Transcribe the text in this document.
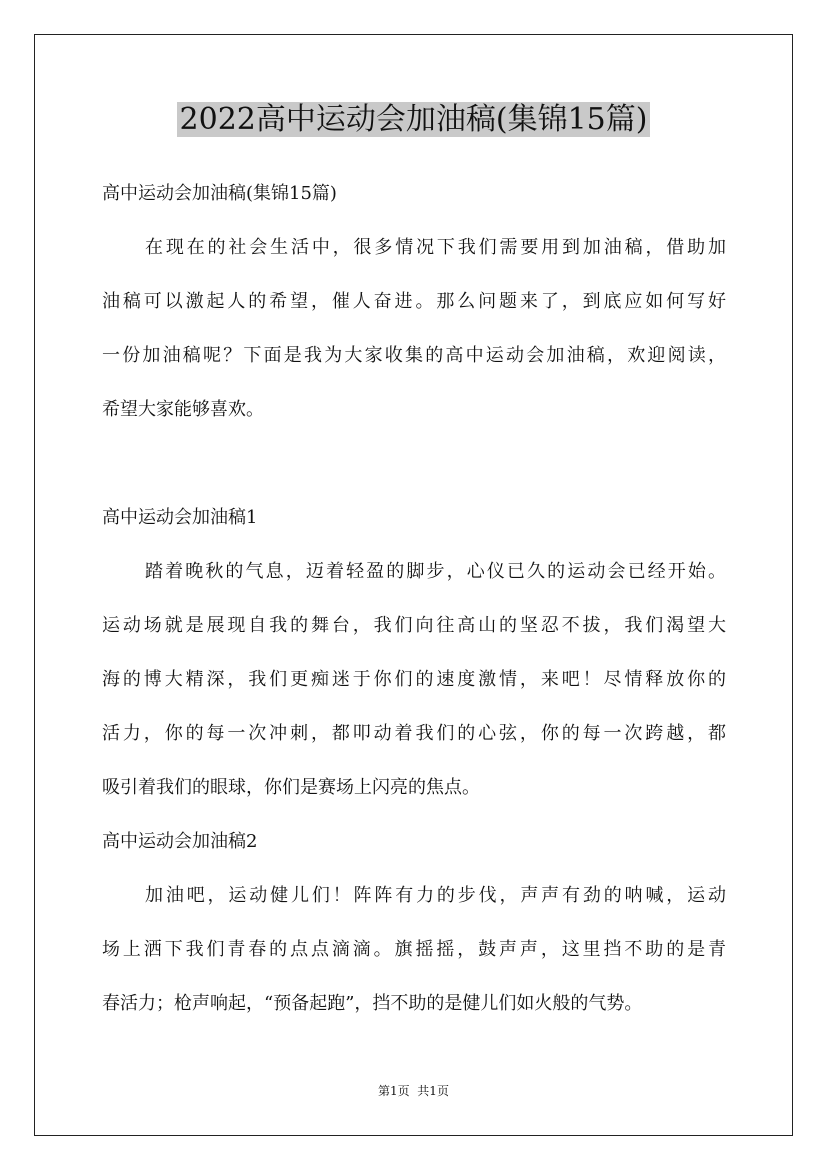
2022高中运动会加油稿(集锦15篇)
高中运动会加油稿(集锦15篇)
在现在的社会生活中，很多情况下我们需要用到加油稿，借助加
油稿可以激起人的希望，催人奋进。那么问题来了，到底应如何写好
一份加油稿呢？下面是我为大家收集的高中运动会加油稿，欢迎阅读，
希望大家能够喜欢。
高中运动会加油稿1
踏着晚秋的气息，迈着轻盈的脚步，心仪已久的运动会已经开始。
运动场就是展现自我的舞台，我们向往高山的坚忍不拔，我们渴望大
海的博大精深，我们更痴迷于你们的速度激情，来吧！尽情释放你的
活力，你的每一次冲刺，都叩动着我们的心弦，你的每一次跨越，都
吸引着我们的眼球，你们是赛场上闪亮的焦点。
高中运动会加油稿2
加油吧，运动健儿们！阵阵有力的步伐，声声有劲的呐喊，运动
场上洒下我们青春的点点滴滴。旗摇摇，鼓声声，这里挡不助的是青
春活力；枪声响起，“预备起跑”，挡不助的是健儿们如火般的气势。
第1页  共1页
